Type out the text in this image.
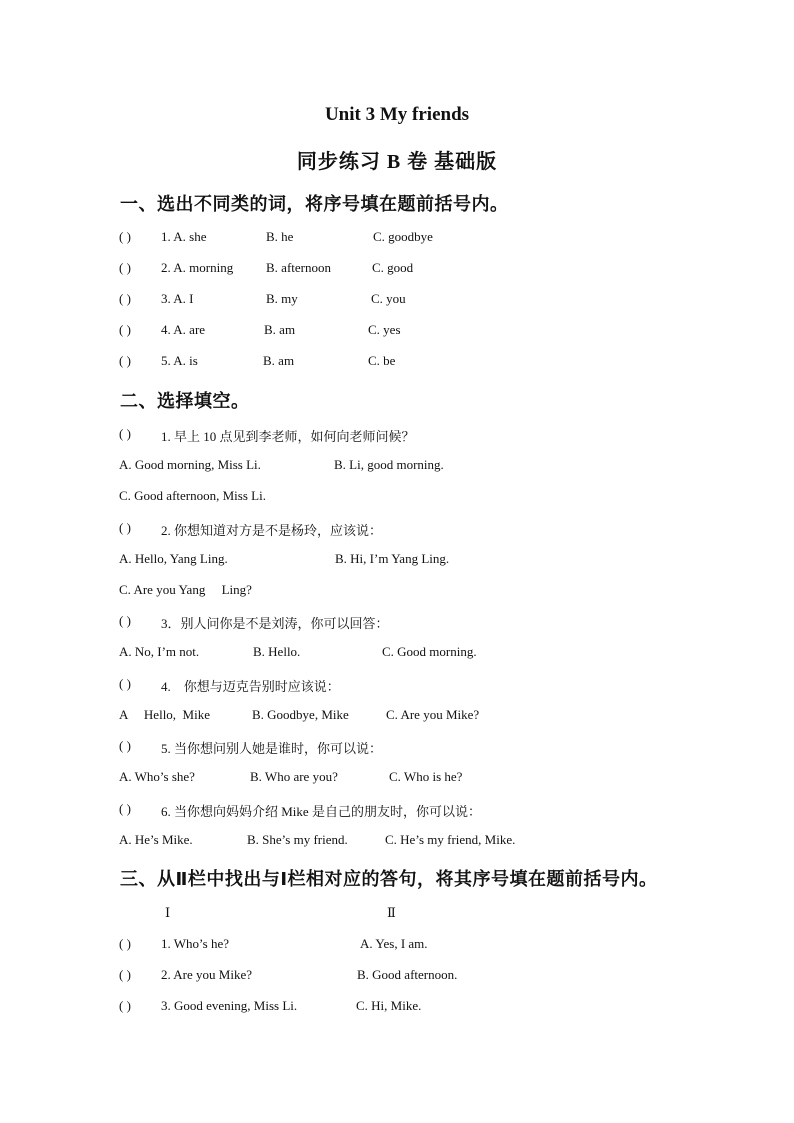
Unit 3 My friends
同步练习 B 卷 基础版
一、选出不同类的词，将序号填在题前括号内。
( ) 1. A. she	B. he	C. goodbye
( ) 2. A. morning	B. afternoon	C. good
( ) 3. A. I	B. my	C. you
( ) 4. A. are	B. am	C. yes
( ) 5. A. is	B. am	C. be
二、选择填空。
( ) 1. 早上 10 点见到李老师，如何向老师问候？
A. Good morning, Miss Li.	B. Li, good morning.
C. Good afternoon, Miss Li.
( ) 2. 你想知道对方是不是杨玲，应该说：
A. Hello, Yang Ling.	B. Hi, I’m Yang Ling.
C. Are you Yang     Ling?
( ) 3．别人问你是不是刘涛，你可以回答：
A. No, I’m not.	B. Hello.	C. Good morning.
( ) 4.    你想与迈克告别时应该说：
A     Hello,  Mike	B. Goodbye, Mike	C. Are you Mike?
( ) 5. 当你想问别人她是谁时，你可以说：
A. Who’s she?	B. Who are you?	C. Who is he?
( ) 6. 当你想向妈妈介绍 Mike 是自己的朋友时，你可以说：
A. He’s Mike.	B. She’s my friend.	C. He’s my friend, Mike.
三、从Ⅱ栏中找出与Ⅰ栏相对应的答句，将其序号填在题前括号内。
Ⅰ	Ⅱ
( ) 1. Who’s he?	A. Yes, I am.
( ) 2. Are you Mike?	B. Good afternoon.
( ) 3. Good evening, Miss Li.	C. Hi, Mike.
